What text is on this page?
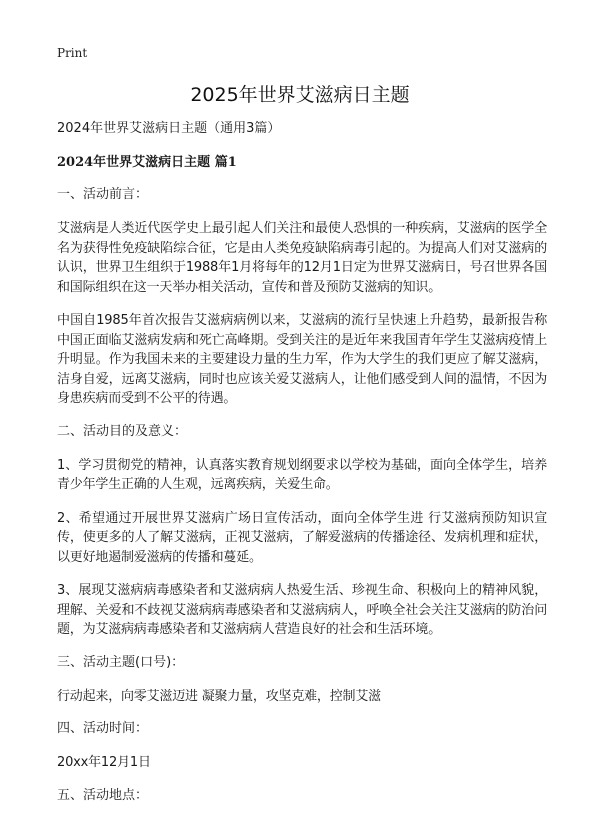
Print
2025年世界艾滋病日主题
2024年世界艾滋病日主题（通用3篇）
2024年世界艾滋病日主题 篇1
一、活动前言：
艾滋病是人类近代医学史上最引起人们关注和最使人恐惧的一种疾病，艾滋病的医学全名为获得性免疫缺陷综合征，它是由人类免疫缺陷病毒引起的。为提高人们对艾滋病的认识，世界卫生组织于1988年1月将每年的12月1日定为世界艾滋病日，号召世界各国和国际组织在这一天举办相关活动，宣传和普及预防艾滋病的知识。
中国自1985年首次报告艾滋病病例以来，艾滋病的流行呈快速上升趋势，最新报告称中国正面临艾滋病发病和死亡高峰期。受到关注的是近年来我国青年学生艾滋病疫情上升明显。作为我国未来的主要建设力量的生力军，作为大学生的我们更应了解艾滋病，洁身自爱，远离艾滋病，同时也应该关爱艾滋病人，让他们感受到人间的温情，不因为身患疾病而受到不公平的待遇。
二、活动目的及意义：
1、学习贯彻党的精神，认真落实教育规划纲要求以学校为基础，面向全体学生，培养青少年学生正确的人生观，远离疾病，关爱生命。
2、希望通过开展世界艾滋病广场日宣传活动，面向全体学生进 行艾滋病预防知识宣传，使更多的人了解艾滋病，正视艾滋病，了解爱滋病的传播途径、发病机理和症状，以更好地遏制爱滋病的传播和蔓延。
3、展现艾滋病病毒感染者和艾滋病病人热爱生活、珍视生命、积极向上的精神风貌，理解、关爱和不歧视艾滋病病毒感染者和艾滋病病人，呼唤全社会关注艾滋病的防治问题，为艾滋病病毒感染者和艾滋病病人营造良好的社会和生活环境。
三、活动主题(口号)：
行动起来，向零艾滋迈进 凝聚力量，攻坚克难，控制艾滋
四、活动时间：
20xx年12月1日
五、活动地点：
